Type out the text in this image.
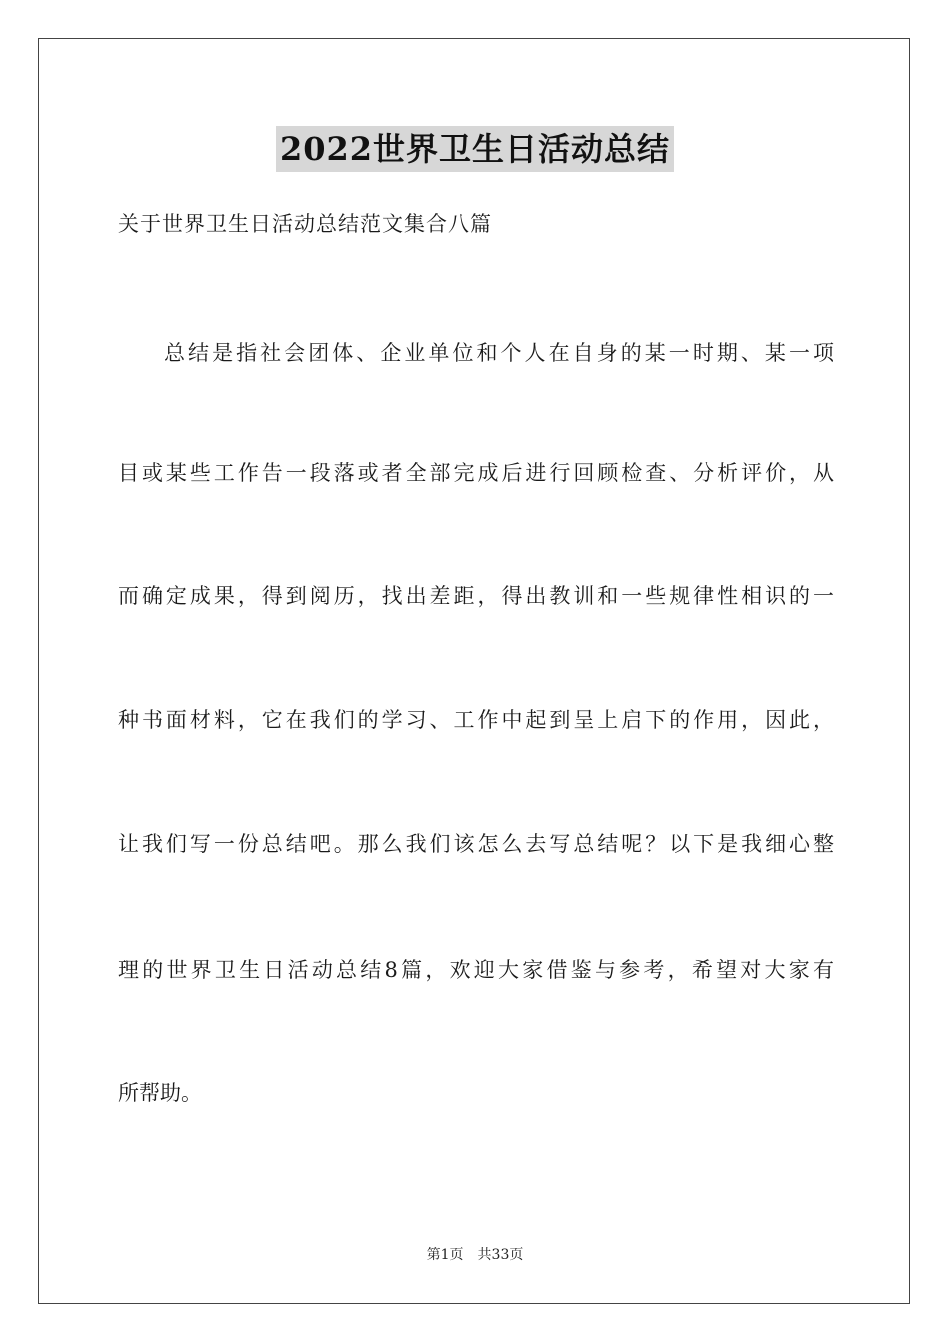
2022世界卫生日活动总结
关于世界卫生日活动总结范文集合八篇
总结是指社会团体、企业单位和个人在自身的某一时期、某一项
目或某些工作告一段落或者全部完成后进行回顾检查、分析评价，从
而确定成果，得到阅历，找出差距，得出教训和一些规律性相识的一
种书面材料，它在我们的学习、工作中起到呈上启下的作用，因此，
让我们写一份总结吧。那么我们该怎么去写总结呢？以下是我细心整
理的世界卫生日活动总结8篇，欢迎大家借鉴与参考，希望对大家有
所帮助。
第1页　共33页
